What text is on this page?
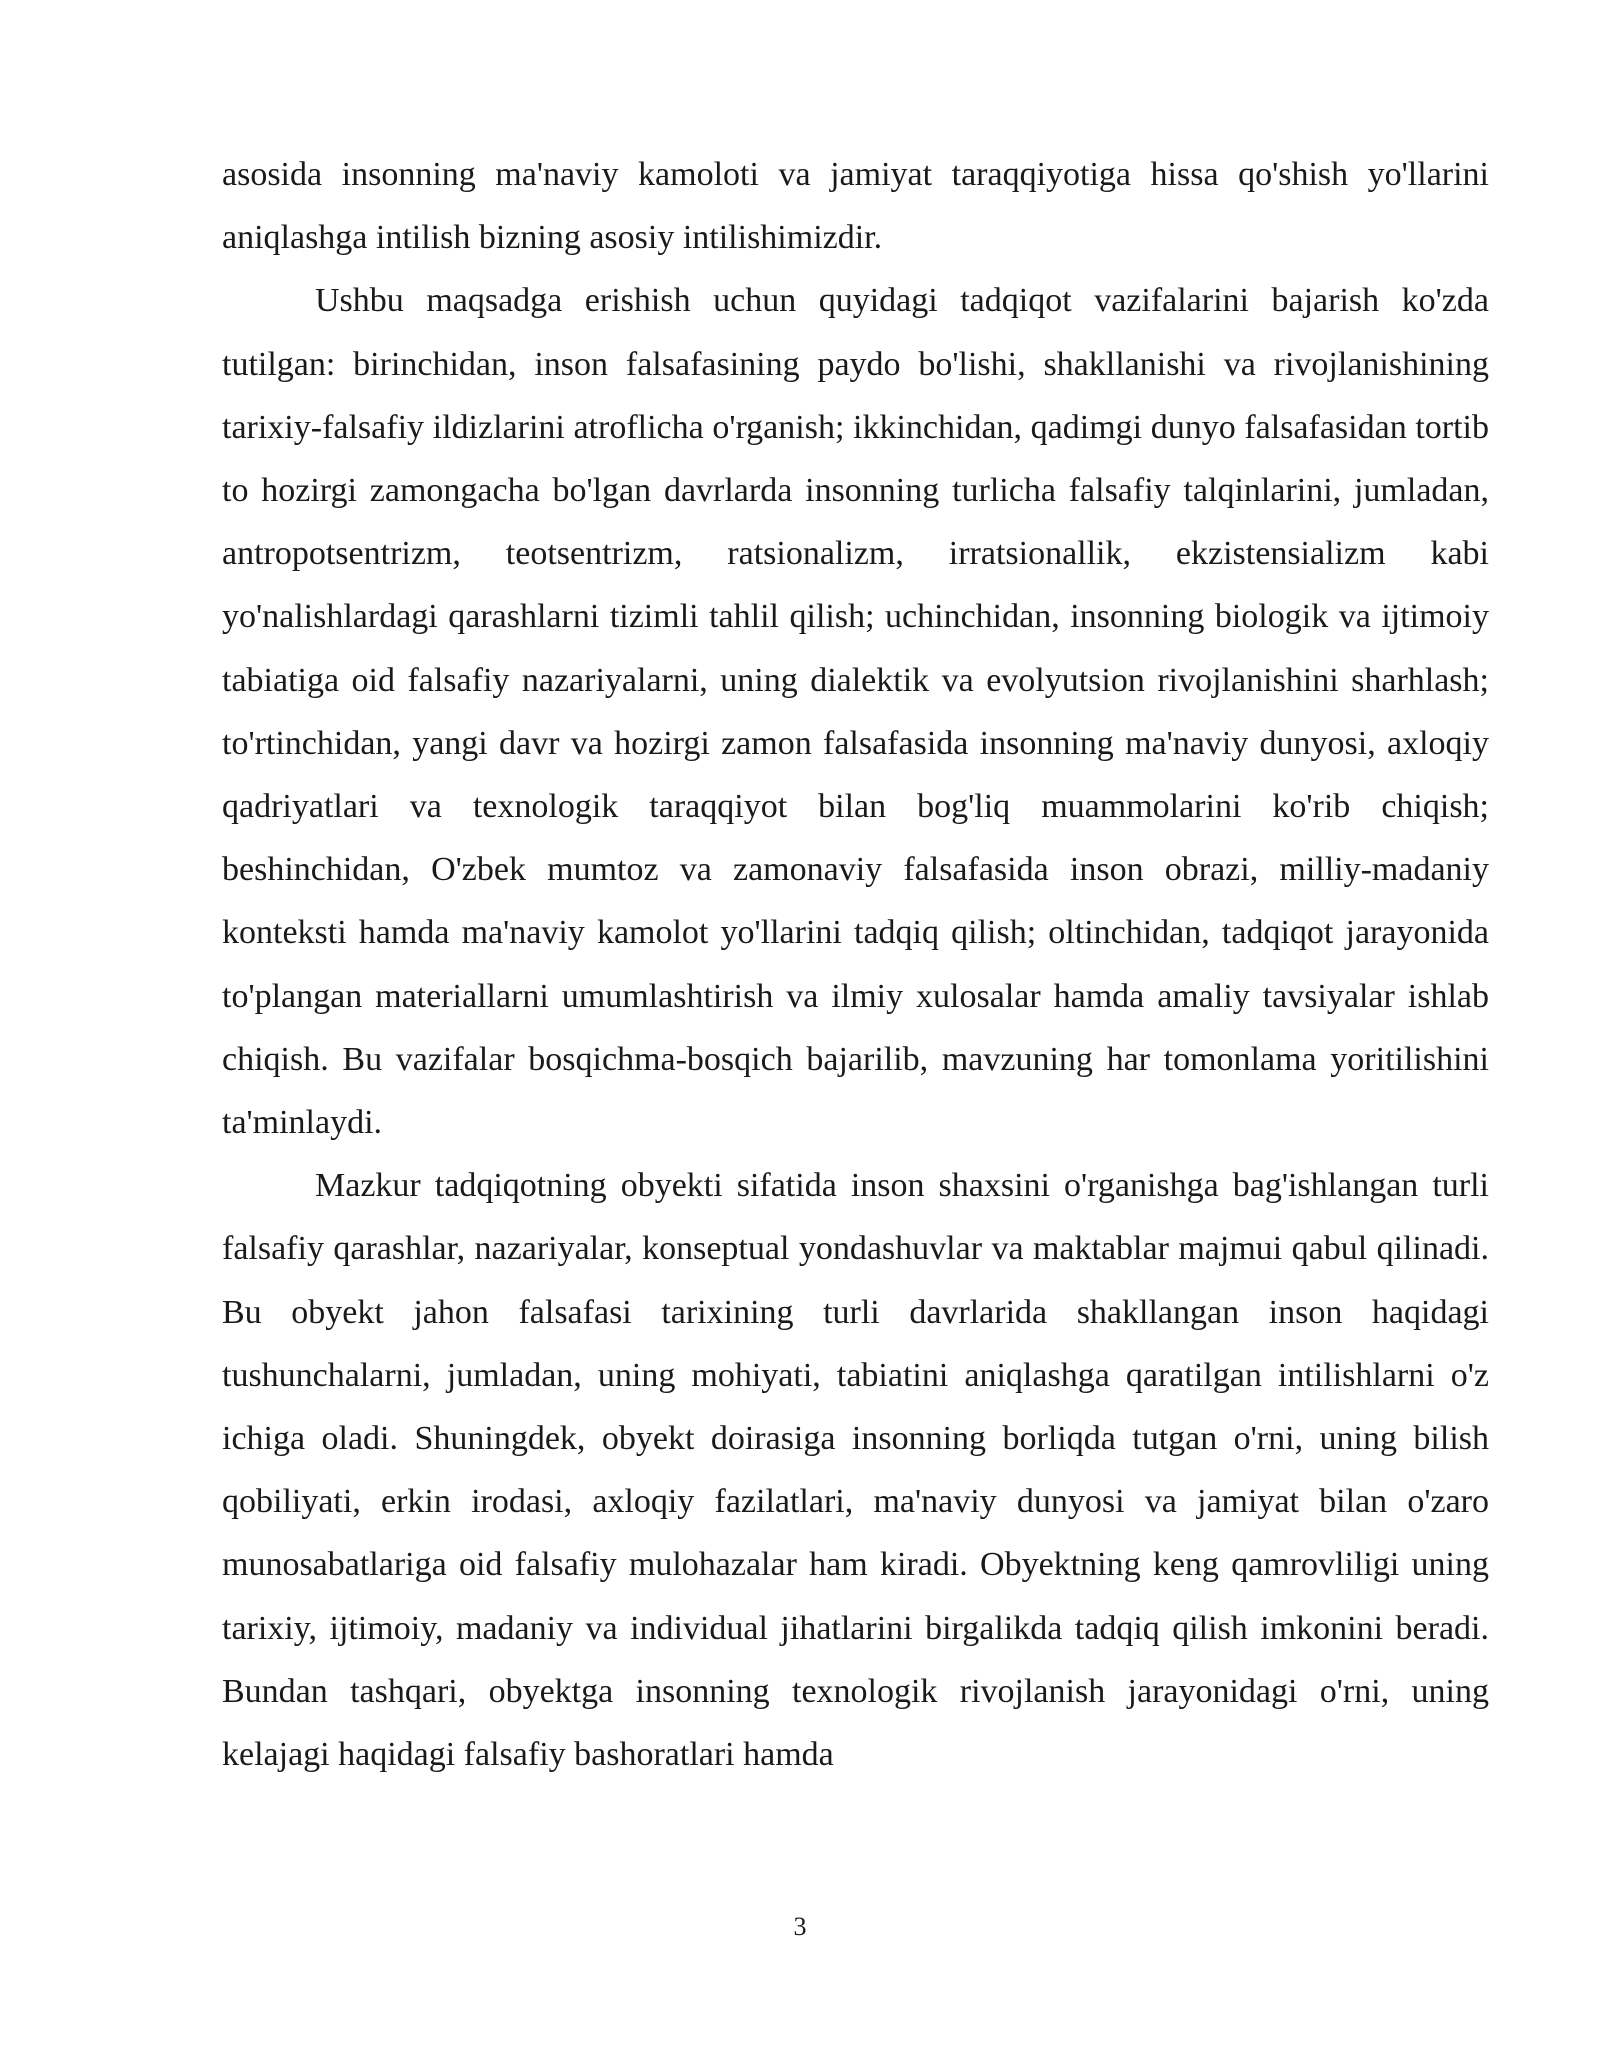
asosida insonning ma'naviy kamoloti va jamiyat taraqqiyotiga hissa qo'shish yo'llarini aniqlashga intilish bizning asosiy intilishimizdir.

Ushbu maqsadga erishish uchun quyidagi tadqiqot vazifalarini bajarish ko'zda tutilgan: birinchidan, inson falsafasining paydo bo'lishi, shakllanishi va rivojlanishining tarixiy-falsafiy ildizlarini atroflicha o'rganish; ikkinchidan, qadimgi dunyo falsafasidan tortib to hozirgi zamongacha bo'lgan davrlarda insonning turlicha falsafiy talqinlarini, jumladan, antropotsentrizm, teotsentrizm, ratsionalizm, irratsionallik, ekzistensializm kabi yo'nalishlardagi qarashlarni tizimli tahlil qilish; uchinchidan, insonning biologik va ijtimoiy tabiatiga oid falsafiy nazariyalarni, uning dialektik va evolyutsion rivojlanishini sharhlash; to'rtinchidan, yangi davr va hozirgi zamon falsafasida insonning ma'naviy dunyosi, axloqiy qadriyatlari va texnologik taraqqiyot bilan bog'liq muammolarini ko'rib chiqish; beshinchidan, O'zbek mumtoz va zamonaviy falsafasida inson obrazi, milliy-madaniy konteksti hamda ma'naviy kamolot yo'llarini tadqiq qilish; oltinchidan, tadqiqot jarayonida to'plangan materiallarni umumlashtirish va ilmiy xulosalar hamda amaliy tavsiyalar ishlab chiqish. Bu vazifalar bosqichma-bosqich bajarilib, mavzuning har tomonlama yoritilishini ta'minlaydi.

Mazkur tadqiqotning obyekti sifatida inson shaxsini o'rganishga bag'ishlangan turli falsafiy qarashlar, nazariyalar, konseptual yondashuvlar va maktablar majmui qabul qilinadi. Bu obyekt jahon falsafasi tarixining turli davrlarida shakllangan inson haqidagi tushunchalarni, jumladan, uning mohiyati, tabiatini aniqlashga qaratilgan intilishlarni o'z ichiga oladi. Shuningdek, obyekt doirasiga insonning borliqda tutgan o'rni, uning bilish qobiliyati, erkin irodasi, axloqiy fazilatlari, ma'naviy dunyosi va jamiyat bilan o'zaro munosabatlariga oid falsafiy mulohazalar ham kiradi. Obyektning keng qamrovliligi uning tarixiy, ijtimoiy, madaniy va individual jihatlarini birgalikda tadqiq qilish imkonini beradi. Bundan tashqari, obyektga insonning texnologik rivojlanish jarayonidagi o'rni, uning kelajagi haqidagi falsafiy bashoratlari hamda

3
